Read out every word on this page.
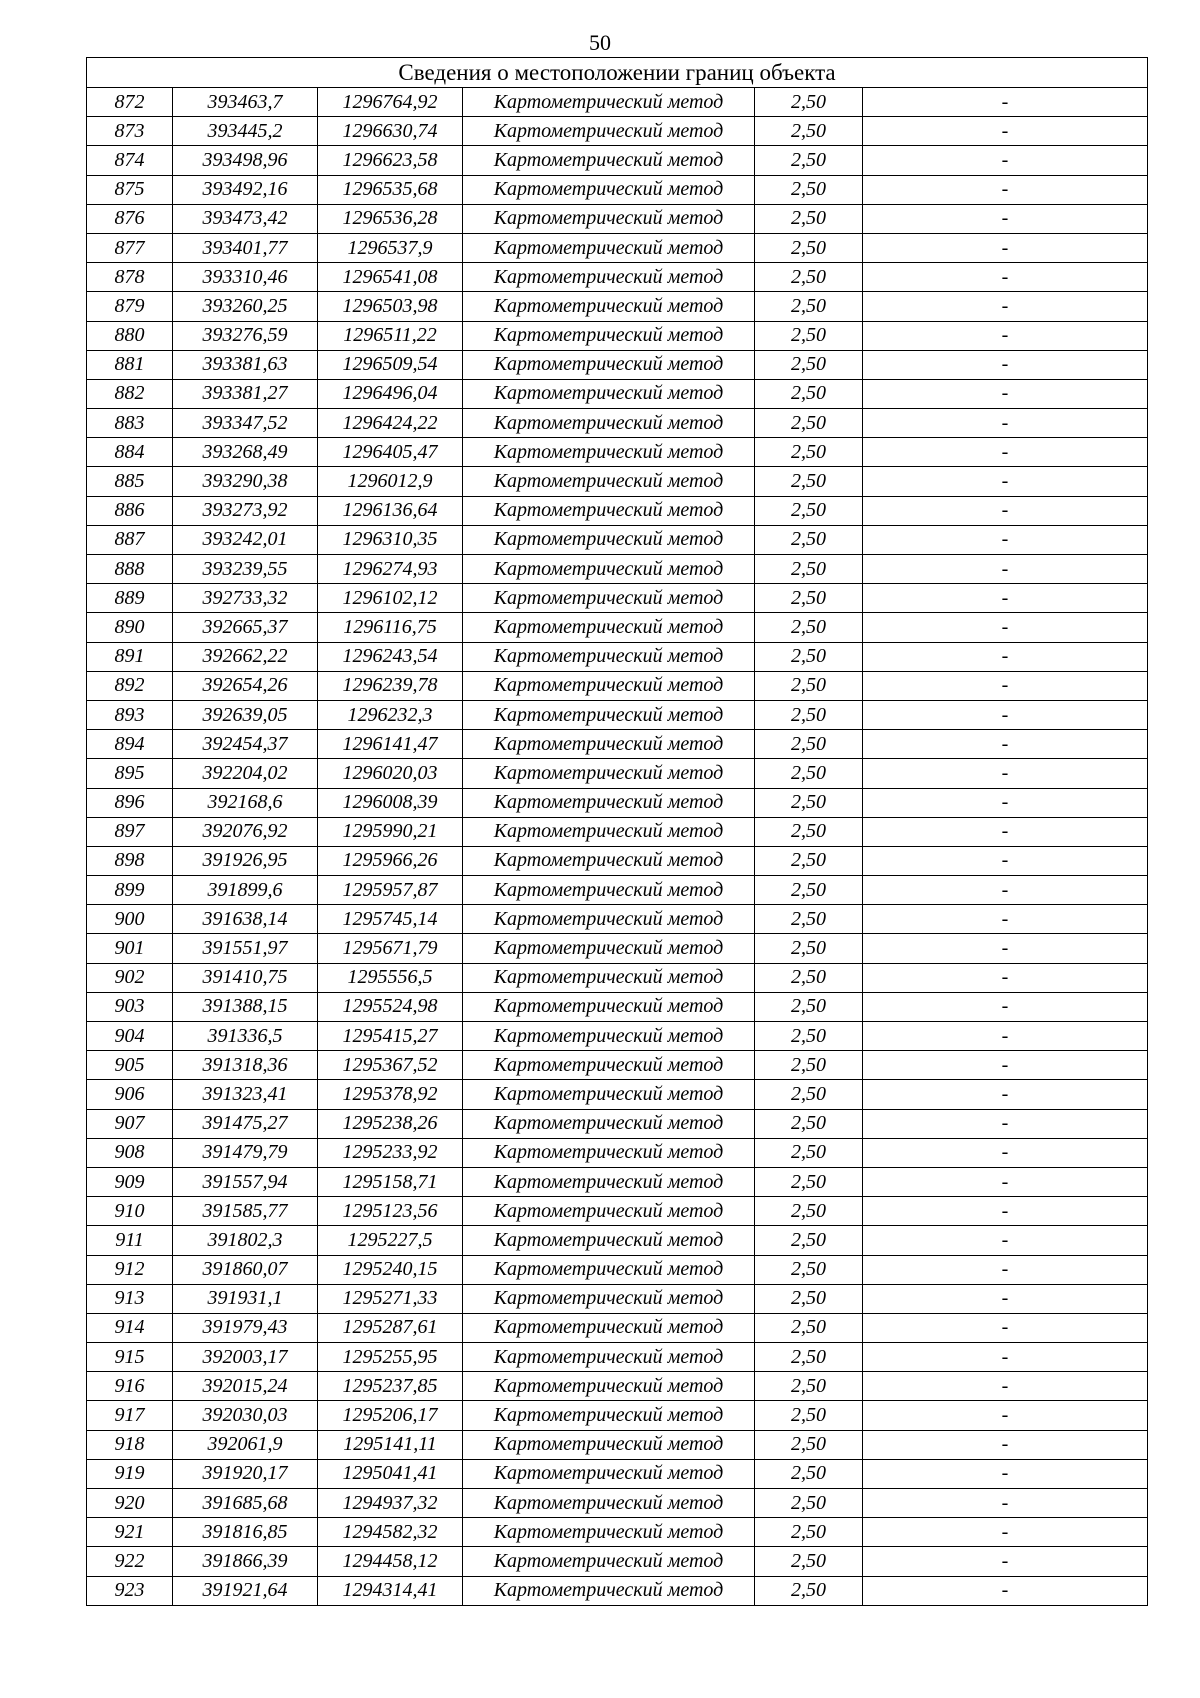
50
Сведения о местоположении границ объекта					
872	393463,7	1296764,92	Картометрический метод	2,50	-
873	393445,2	1296630,74	Картометрический метод	2,50	-
874	393498,96	1296623,58	Картометрический метод	2,50	-
875	393492,16	1296535,68	Картометрический метод	2,50	-
876	393473,42	1296536,28	Картометрический метод	2,50	-
877	393401,77	1296537,9	Картометрический метод	2,50	-
878	393310,46	1296541,08	Картометрический метод	2,50	-
879	393260,25	1296503,98	Картометрический метод	2,50	-
880	393276,59	1296511,22	Картометрический метод	2,50	-
881	393381,63	1296509,54	Картометрический метод	2,50	-
882	393381,27	1296496,04	Картометрический метод	2,50	-
883	393347,52	1296424,22	Картометрический метод	2,50	-
884	393268,49	1296405,47	Картометрический метод	2,50	-
885	393290,38	1296012,9	Картометрический метод	2,50	-
886	393273,92	1296136,64	Картометрический метод	2,50	-
887	393242,01	1296310,35	Картометрический метод	2,50	-
888	393239,55	1296274,93	Картометрический метод	2,50	-
889	392733,32	1296102,12	Картометрический метод	2,50	-
890	392665,37	1296116,75	Картометрический метод	2,50	-
891	392662,22	1296243,54	Картометрический метод	2,50	-
892	392654,26	1296239,78	Картометрический метод	2,50	-
893	392639,05	1296232,3	Картометрический метод	2,50	-
894	392454,37	1296141,47	Картометрический метод	2,50	-
895	392204,02	1296020,03	Картометрический метод	2,50	-
896	392168,6	1296008,39	Картометрический метод	2,50	-
897	392076,92	1295990,21	Картометрический метод	2,50	-
898	391926,95	1295966,26	Картометрический метод	2,50	-
899	391899,6	1295957,87	Картометрический метод	2,50	-
900	391638,14	1295745,14	Картометрический метод	2,50	-
901	391551,97	1295671,79	Картометрический метод	2,50	-
902	391410,75	1295556,5	Картометрический метод	2,50	-
903	391388,15	1295524,98	Картометрический метод	2,50	-
904	391336,5	1295415,27	Картометрический метод	2,50	-
905	391318,36	1295367,52	Картометрический метод	2,50	-
906	391323,41	1295378,92	Картометрический метод	2,50	-
907	391475,27	1295238,26	Картометрический метод	2,50	-
908	391479,79	1295233,92	Картометрический метод	2,50	-
909	391557,94	1295158,71	Картометрический метод	2,50	-
910	391585,77	1295123,56	Картометрический метод	2,50	-
911	391802,3	1295227,5	Картометрический метод	2,50	-
912	391860,07	1295240,15	Картометрический метод	2,50	-
913	391931,1	1295271,33	Картометрический метод	2,50	-
914	391979,43	1295287,61	Картометрический метод	2,50	-
915	392003,17	1295255,95	Картометрический метод	2,50	-
916	392015,24	1295237,85	Картометрический метод	2,50	-
917	392030,03	1295206,17	Картометрический метод	2,50	-
918	392061,9	1295141,11	Картометрический метод	2,50	-
919	391920,17	1295041,41	Картометрический метод	2,50	-
920	391685,68	1294937,32	Картометрический метод	2,50	-
921	391816,85	1294582,32	Картометрический метод	2,50	-
922	391866,39	1294458,12	Картометрический метод	2,50	-
923	391921,64	1294314,41	Картометрический метод	2,50	-
